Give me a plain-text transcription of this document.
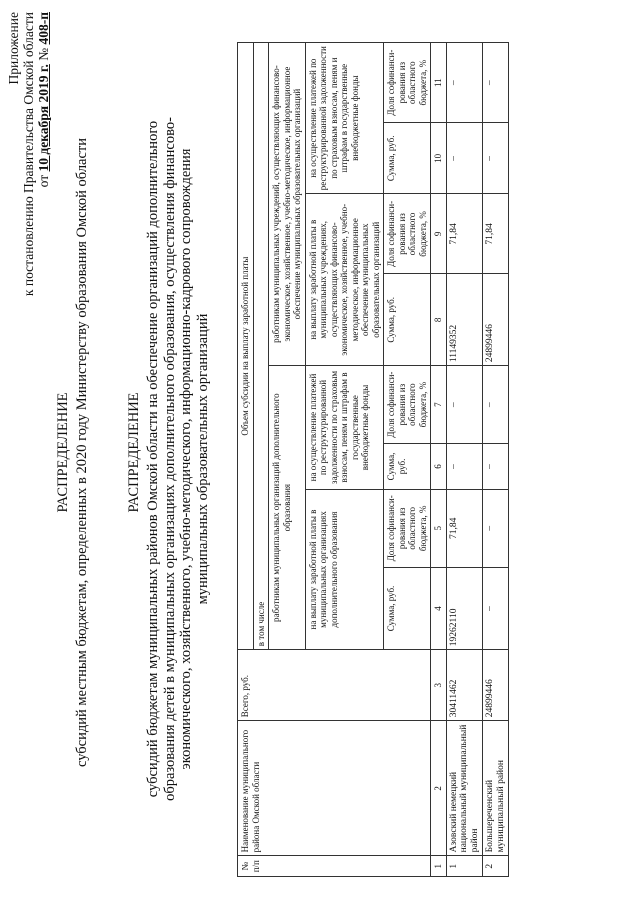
Приложение к постановлению Правительства Омской области от 10 декабря 2019 г. № 408-п
РАСПРЕДЕЛЕНИЕ субсидий местным бюджетам, определенных в 2020 году Министерству образования Омской области РАСПРЕДЕЛЕНИЕ субсидий бюджетам муниципальных районов Омской области на обеспечение организаций дополнительного образования детей в муниципальных организациях дополнительного образования, осуществления финансово- экономического, хозяйственного, учебно-методического, информационно-кадрового сопровождения муниципальных образовательных организаций
№ п/п	Наименование муниципального района Омской области	Всего, руб.	Объем субсидии на выплату заработной платы							
			в том числе							
			работникам муниципальных организаций дополнительного образования				работникам муниципальных учреждений, осуществляющих финансово-экономическое, хозяйственное, учебно-методическое, информационное обеспечение муниципальных образовательных организаций			
			на выплату заработной платы в муниципальных организациях дополнительного образования		на осуществление платежей по реструктурированной задолженности по страховым взносам, пеням и штрафам в государственные внебюджетные фонды		на выплату заработной платы в муниципальных учреждениях, осуществляющих финансово-экономическое, хозяйственное, учебно-методическое, информационное обеспечение муниципальных образовательных организаций		на осуществление платежей по реструктурированной задолженности по страховым взносам, пеням и штрафам в государственные внебюджетные фонды	
			Сумма, руб.	Доля софинанси-рования из областного бюджета, %	Сумма, руб.	Доля софинанси-рования из областного бюджета, %	Сумма, руб.	Доля софинанси-рования из областного бюджета, %	Сумма, руб.	Доля софинанси-рования из областного бюджета, %
1	2	3	4	5	6	7	8	9	10	11
1	Азовский немецкий национальный муниципальный район	30411462	19262110	71,84	–	–	11149352	71,84	–	–
2	Большереченский муниципальный район	24899446	–	–	–	–	24899446	71,84	–	–
